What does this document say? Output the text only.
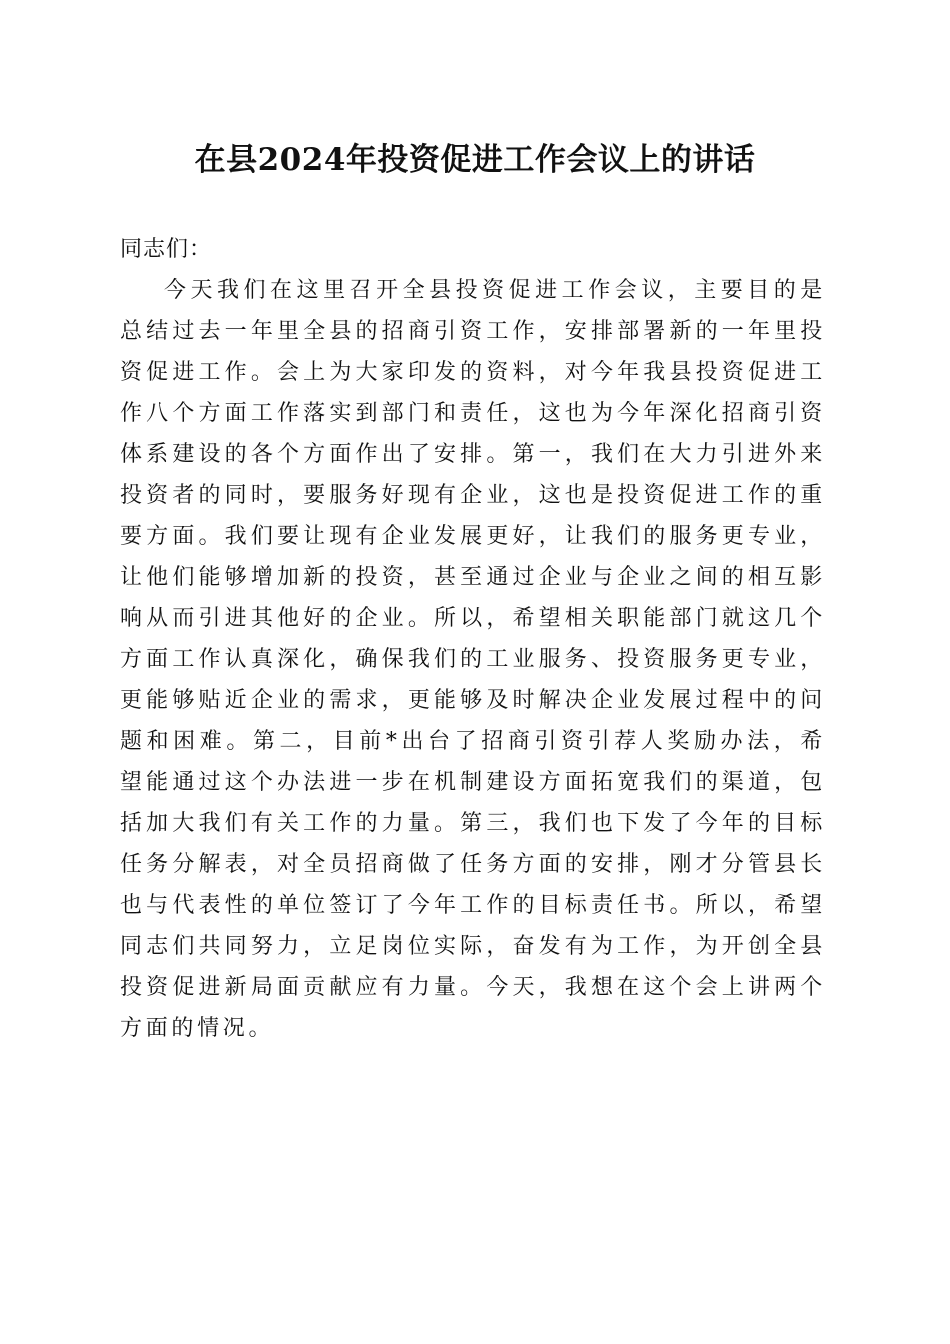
在县2024年投资促进工作会议上的讲话

同志们：

今天我们在这里召开全县投资促进工作会议，主要目的是总结过去一年里全县的招商引资工作，安排部署新的一年里投资促进工作。会上为大家印发的资料，对今年我县投资促进工作八个方面工作落实到部门和责任，这也为今年深化招商引资体系建设的各个方面作出了安排。第一，我们在大力引进外来投资者的同时，要服务好现有企业，这也是投资促进工作的重要方面。我们要让现有企业发展更好，让我们的服务更专业，让他们能够增加新的投资，甚至通过企业与企业之间的相互影响从而引进其他好的企业。所以，希望相关职能部门就这几个方面工作认真深化，确保我们的工业服务、投资服务更专业，更能够贴近企业的需求，更能够及时解决企业发展过程中的问题和困难。第二，目前*出台了招商引资引荐人奖励办法，希望能通过这个办法进一步在机制建设方面拓宽我们的渠道，包括加大我们有关工作的力量。第三，我们也下发了今年的目标任务分解表，对全员招商做了任务方面的安排，刚才分管县长也与代表性的单位签订了今年工作的目标责任书。所以，希望同志们共同努力，立足岗位实际，奋发有为工作，为开创全县投资促进新局面贡献应有力量。今天，我想在这个会上讲两个方面的情况。
